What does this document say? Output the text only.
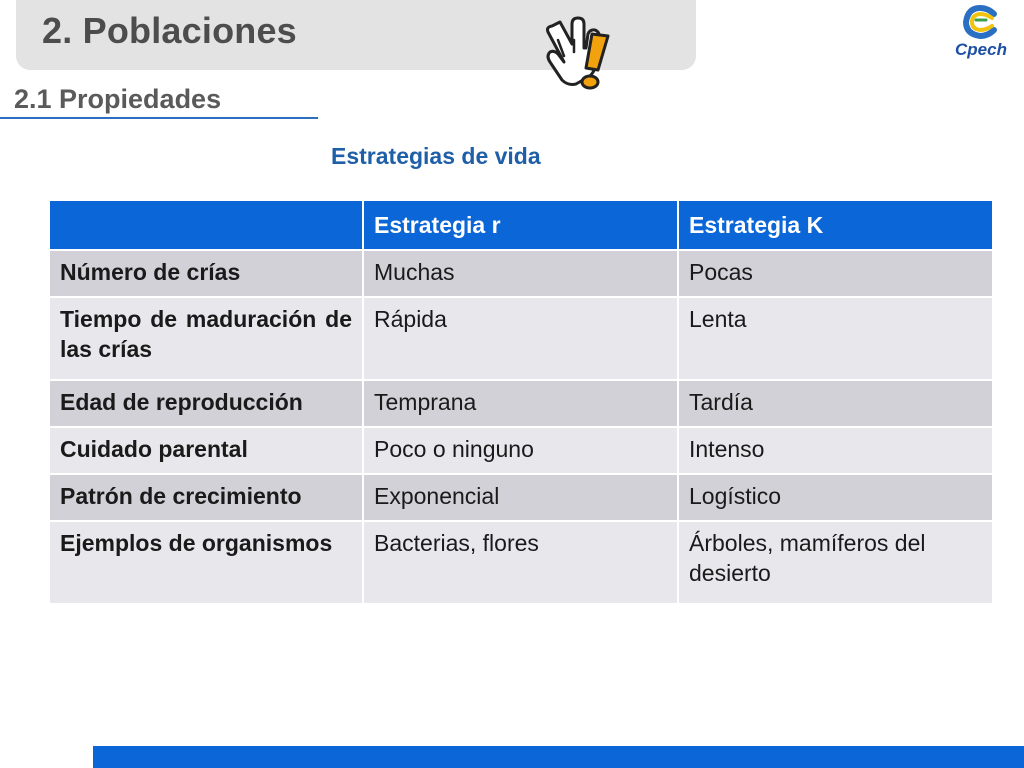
2. Poblaciones	Cpech
2.1 Propiedades
Estrategias de vida
	Estrategia r	Estrategia K
Número de crías	Muchas	Pocas
Tiempo de maduración de las crías	Rápida	Lenta
Edad de reproducción	Temprana	Tardía
Cuidado parental	Poco o ninguno	Intenso
Patrón de crecimiento	Exponencial	Logístico
Ejemplos de organismos	Bacterias, flores	Árboles, mamíferos del desierto
